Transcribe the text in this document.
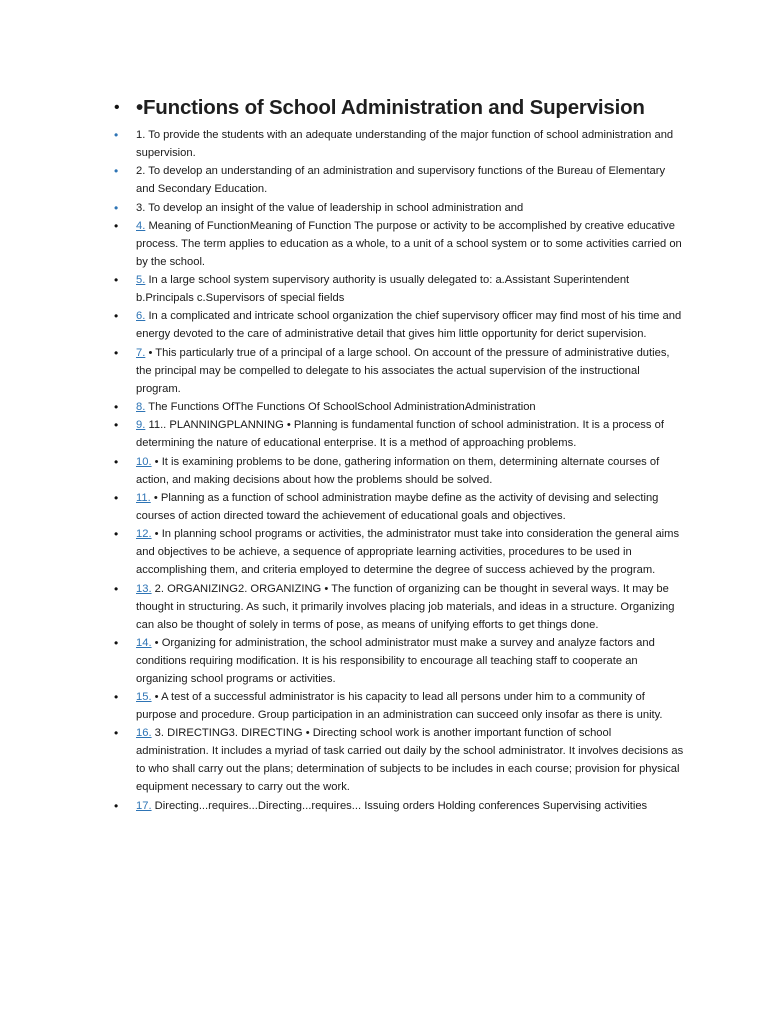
• •Functions of School Administration and Supervision
•	1. To provide the students with an adequate understanding of the major function of school administration and supervision.
•	2. To develop an understanding of an administration and supervisory functions of the Bureau of Elementary and Secondary Education.
•	3. To develop an insight of the value of leadership in school administration and
•	4. Meaning of FunctionMeaning of Function The purpose or activity to be accomplished by creative educative process. The term applies to education as a whole, to a unit of a school system or to some activities carried on by the school.
•	5. In a large school system supervisory authority is usually delegated to: a.Assistant Superintendent b.Principals c.Supervisors of special fields
•	6. In a complicated and intricate school organization the chief supervisory officer may find most of his time and energy devoted to the care of administrative detail that gives him little opportunity for derict supervision.
•	7. • This particularly true of a principal of a large school. On account of the pressure of administrative duties, the principal may be compelled to delegate to his associates the actual supervision of the instructional program.
•	8. The Functions OfThe Functions Of SchoolSchool AdministrationAdministration
•	9. 11.. PLANNINGPLANNING • Planning is fundamental function of school administration. It is a process of determining the nature of educational enterprise. It is a method of approaching problems.
•	10. • It is examining problems to be done, gathering information on them, determining alternate courses of action, and making decisions about how the problems should be solved.
•	11. • Planning as a function of school administration maybe define as the activity of devising and selecting courses of action directed toward the achievement of educational goals and objectives.
•	12. • In planning school programs or activities, the administrator must take into consideration the general aims and objectives to be achieve, a sequence of appropriate learning activities, procedures to be used in accomplishing them, and criteria employed to determine the degree of success achieved by the program.
•	13. 2. ORGANIZING2. ORGANIZING • The function of organizing can be thought in several ways. It may be thought in structuring. As such, it primarily involves placing job materials, and ideas in a structure. Organizing can also be thought of solely in terms of pose, as means of unifying efforts to get things done.
•	14. • Organizing for administration, the school administrator must make a survey and analyze factors and conditions requiring modification. It is his responsibility to encourage all teaching staff to cooperate an organizing school programs or activities.
•	15. • A test of a successful administrator is his capacity to lead all persons under him to a community of purpose and procedure. Group participation in an administration can succeed only insofar as there is unity.
•	16. 3. DIRECTING3. DIRECTING • Directing school work is another important function of school administration. It includes a myriad of task carried out daily by the school administrator. It involves decisions as to who shall carry out the plans; determination of subjects to be includes in each course; provision for physical equipment necessary to carry out the work.
•	17. Directing...requires...Directing...requires... Issuing orders Holding conferences Supervising activities
